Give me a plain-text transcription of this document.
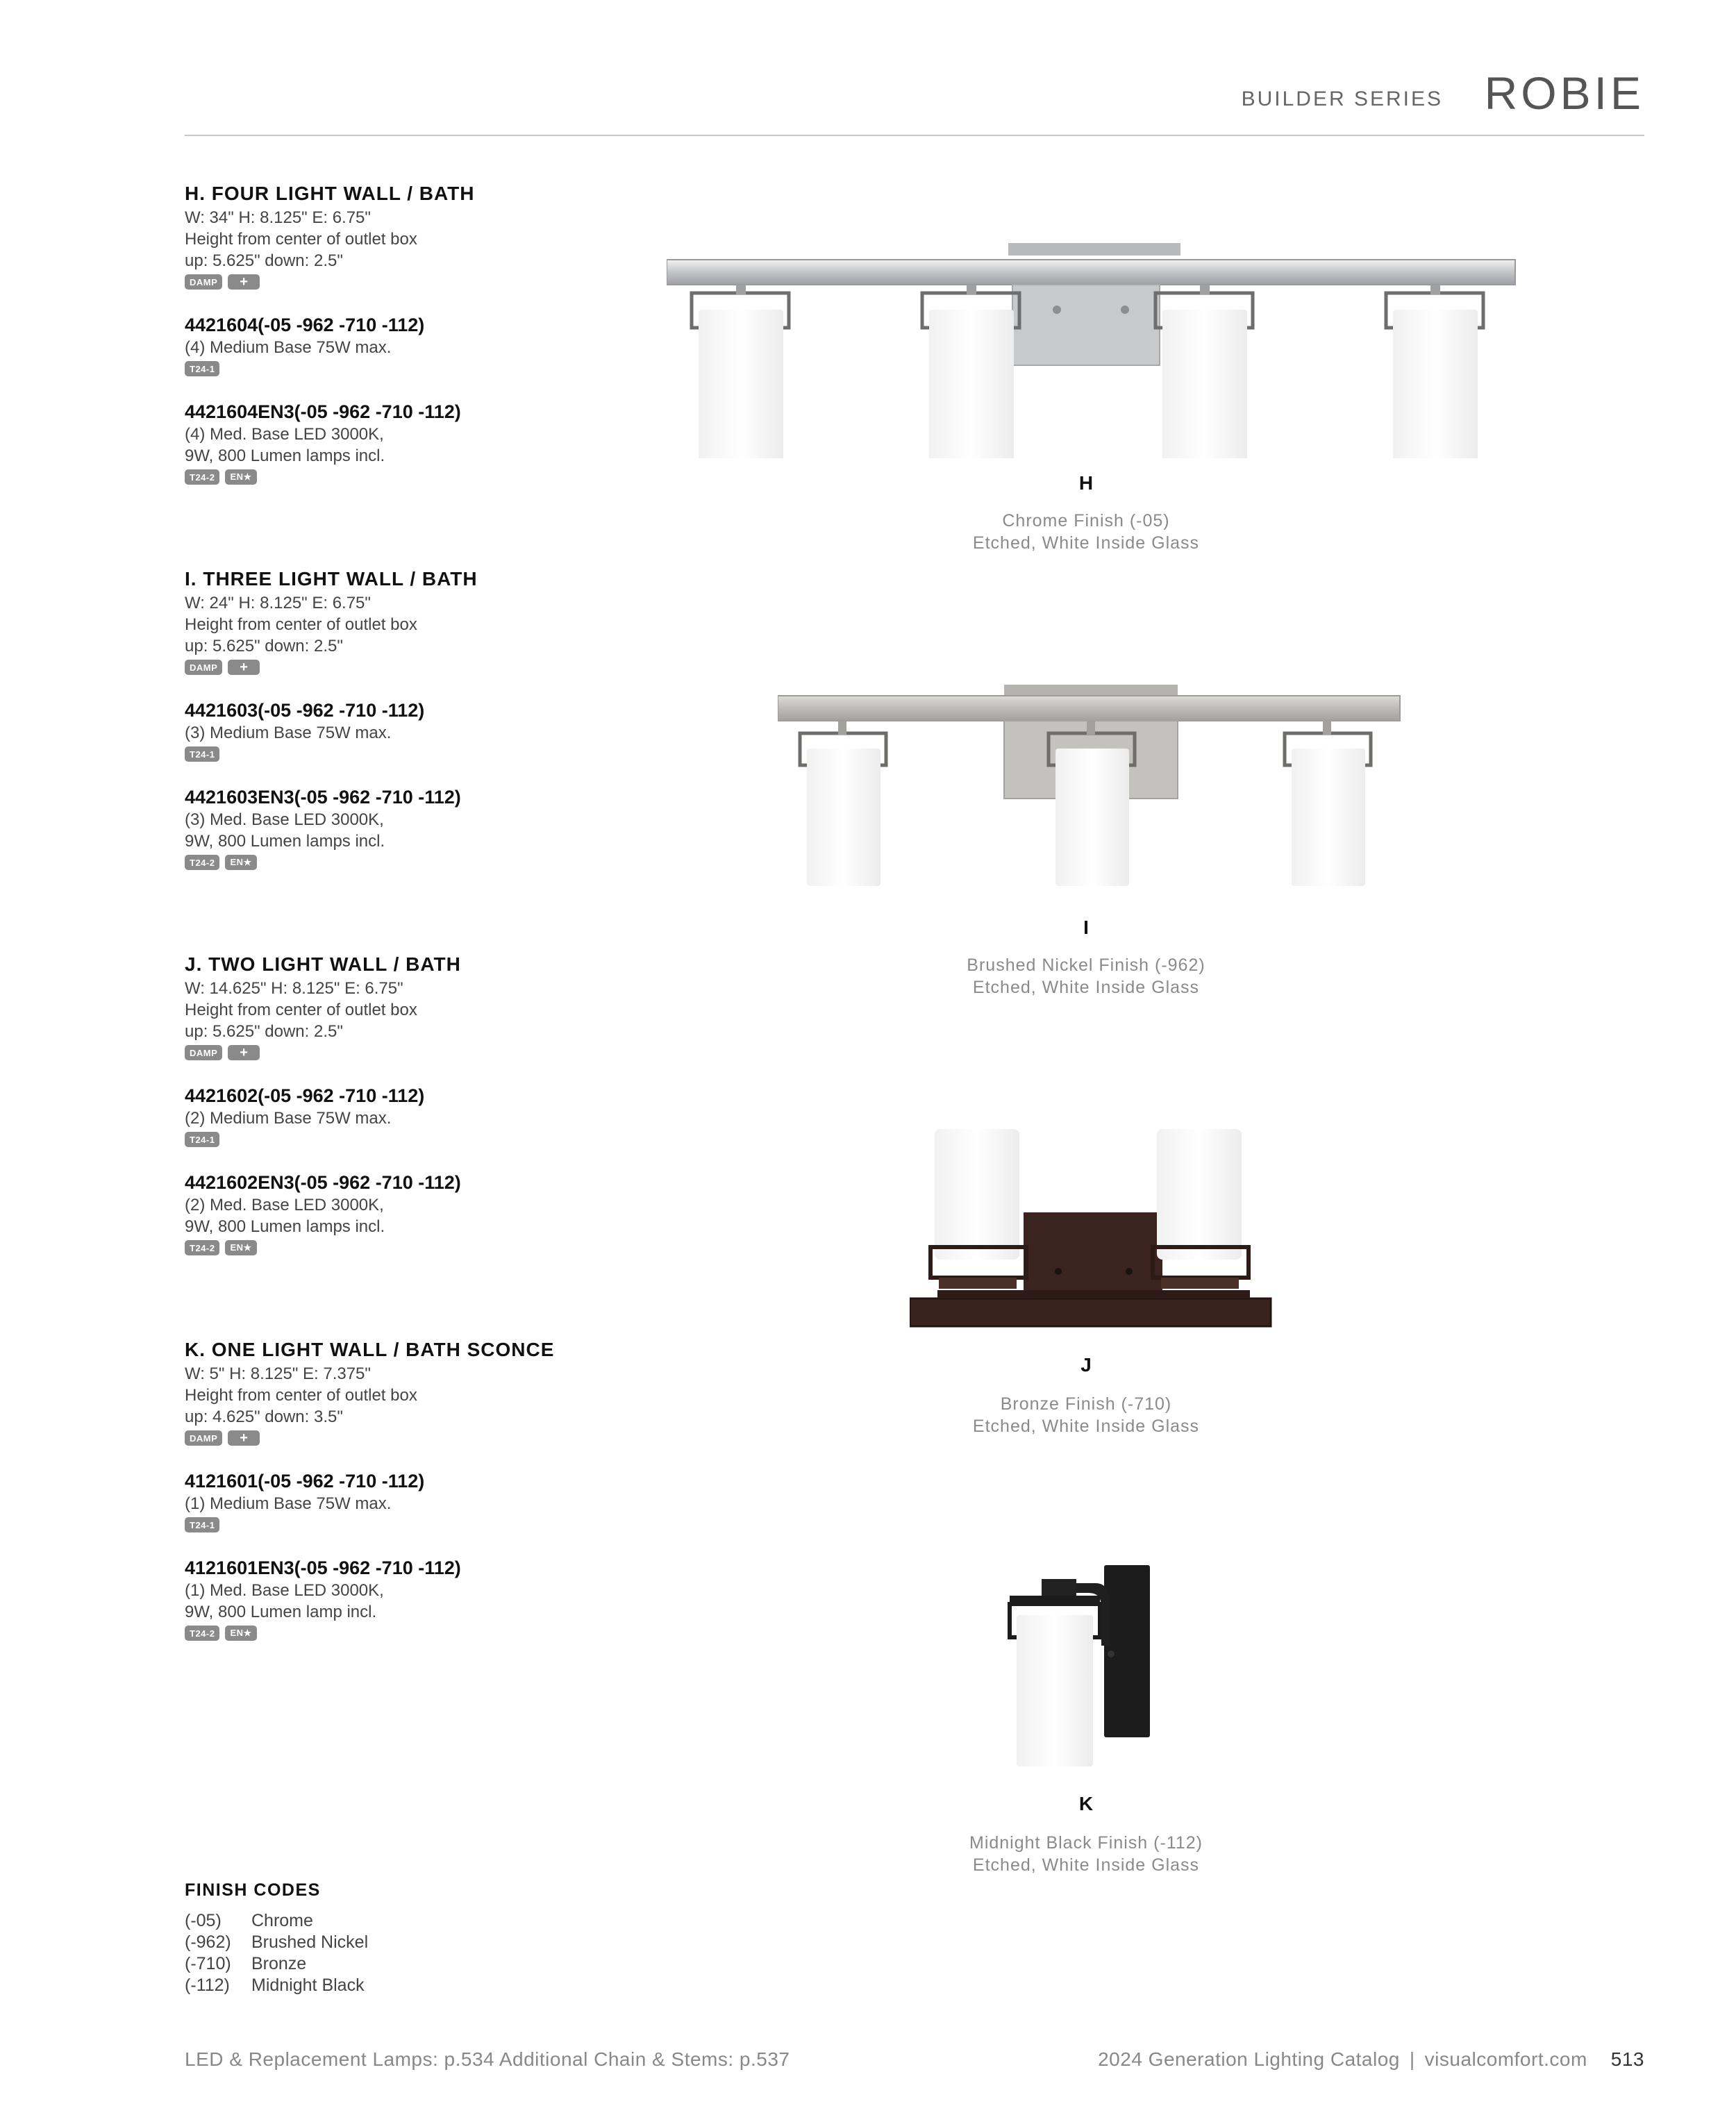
BUILDER SERIES ROBIE
H. FOUR LIGHT WALL / BATH
W: 34" H: 8.125" E: 6.75"
Height from center of outlet box
up: 5.625" down: 2.5"
DAMP	+
4421604(-05 -962 -710 -112)
(4) Medium Base 75W max.
T24-1
4421604EN3(-05 -962 -710 -112)
(4) Med. Base LED 3000K,
9W, 800 Lumen lamps incl.
T24-2	EN★
I. THREE LIGHT WALL / BATH
W: 24" H: 8.125" E: 6.75"
Height from center of outlet box
up: 5.625" down: 2.5"
DAMP	+
4421603(-05 -962 -710 -112)
(3) Medium Base 75W max.
T24-1
4421603EN3(-05 -962 -710 -112)
(3) Med. Base LED 3000K,
9W, 800 Lumen lamps incl.
T24-2	EN★
J. TWO LIGHT WALL / BATH
W: 14.625" H: 8.125" E: 6.75"
Height from center of outlet box
up: 5.625" down: 2.5"
DAMP	+
4421602(-05 -962 -710 -112)
(2) Medium Base 75W max.
T24-1
4421602EN3(-05 -962 -710 -112)
(2) Med. Base LED 3000K,
9W, 800 Lumen lamps incl.
T24-2	EN★
K. ONE LIGHT WALL / BATH SCONCE
W: 5" H: 8.125" E: 7.375"
Height from center of outlet box
up: 4.625" down: 3.5"
DAMP	+
4121601(-05 -962 -710 -112)
(1) Medium Base 75W max.
T24-1
4121601EN3(-05 -962 -710 -112)
(1) Med. Base LED 3000K,
9W, 800 Lumen lamp incl.
T24-2	EN★
H
Chrome Finish (-05)
Etched, White Inside Glass
I
Brushed Nickel Finish (-962)
Etched, White Inside Glass
J
Bronze Finish (-710)
Etched, White Inside Glass
K
Midnight Black Finish (-112)
Etched, White Inside Glass
FINISH CODES
(-05)	Chrome
(-962)	Brushed Nickel
(-710)	Bronze
(-112)	Midnight Black
LED & Replacement Lamps: p.534 Additional Chain & Stems: p.537	2024 Generation Lighting Catalog | visualcomfort.com 513
